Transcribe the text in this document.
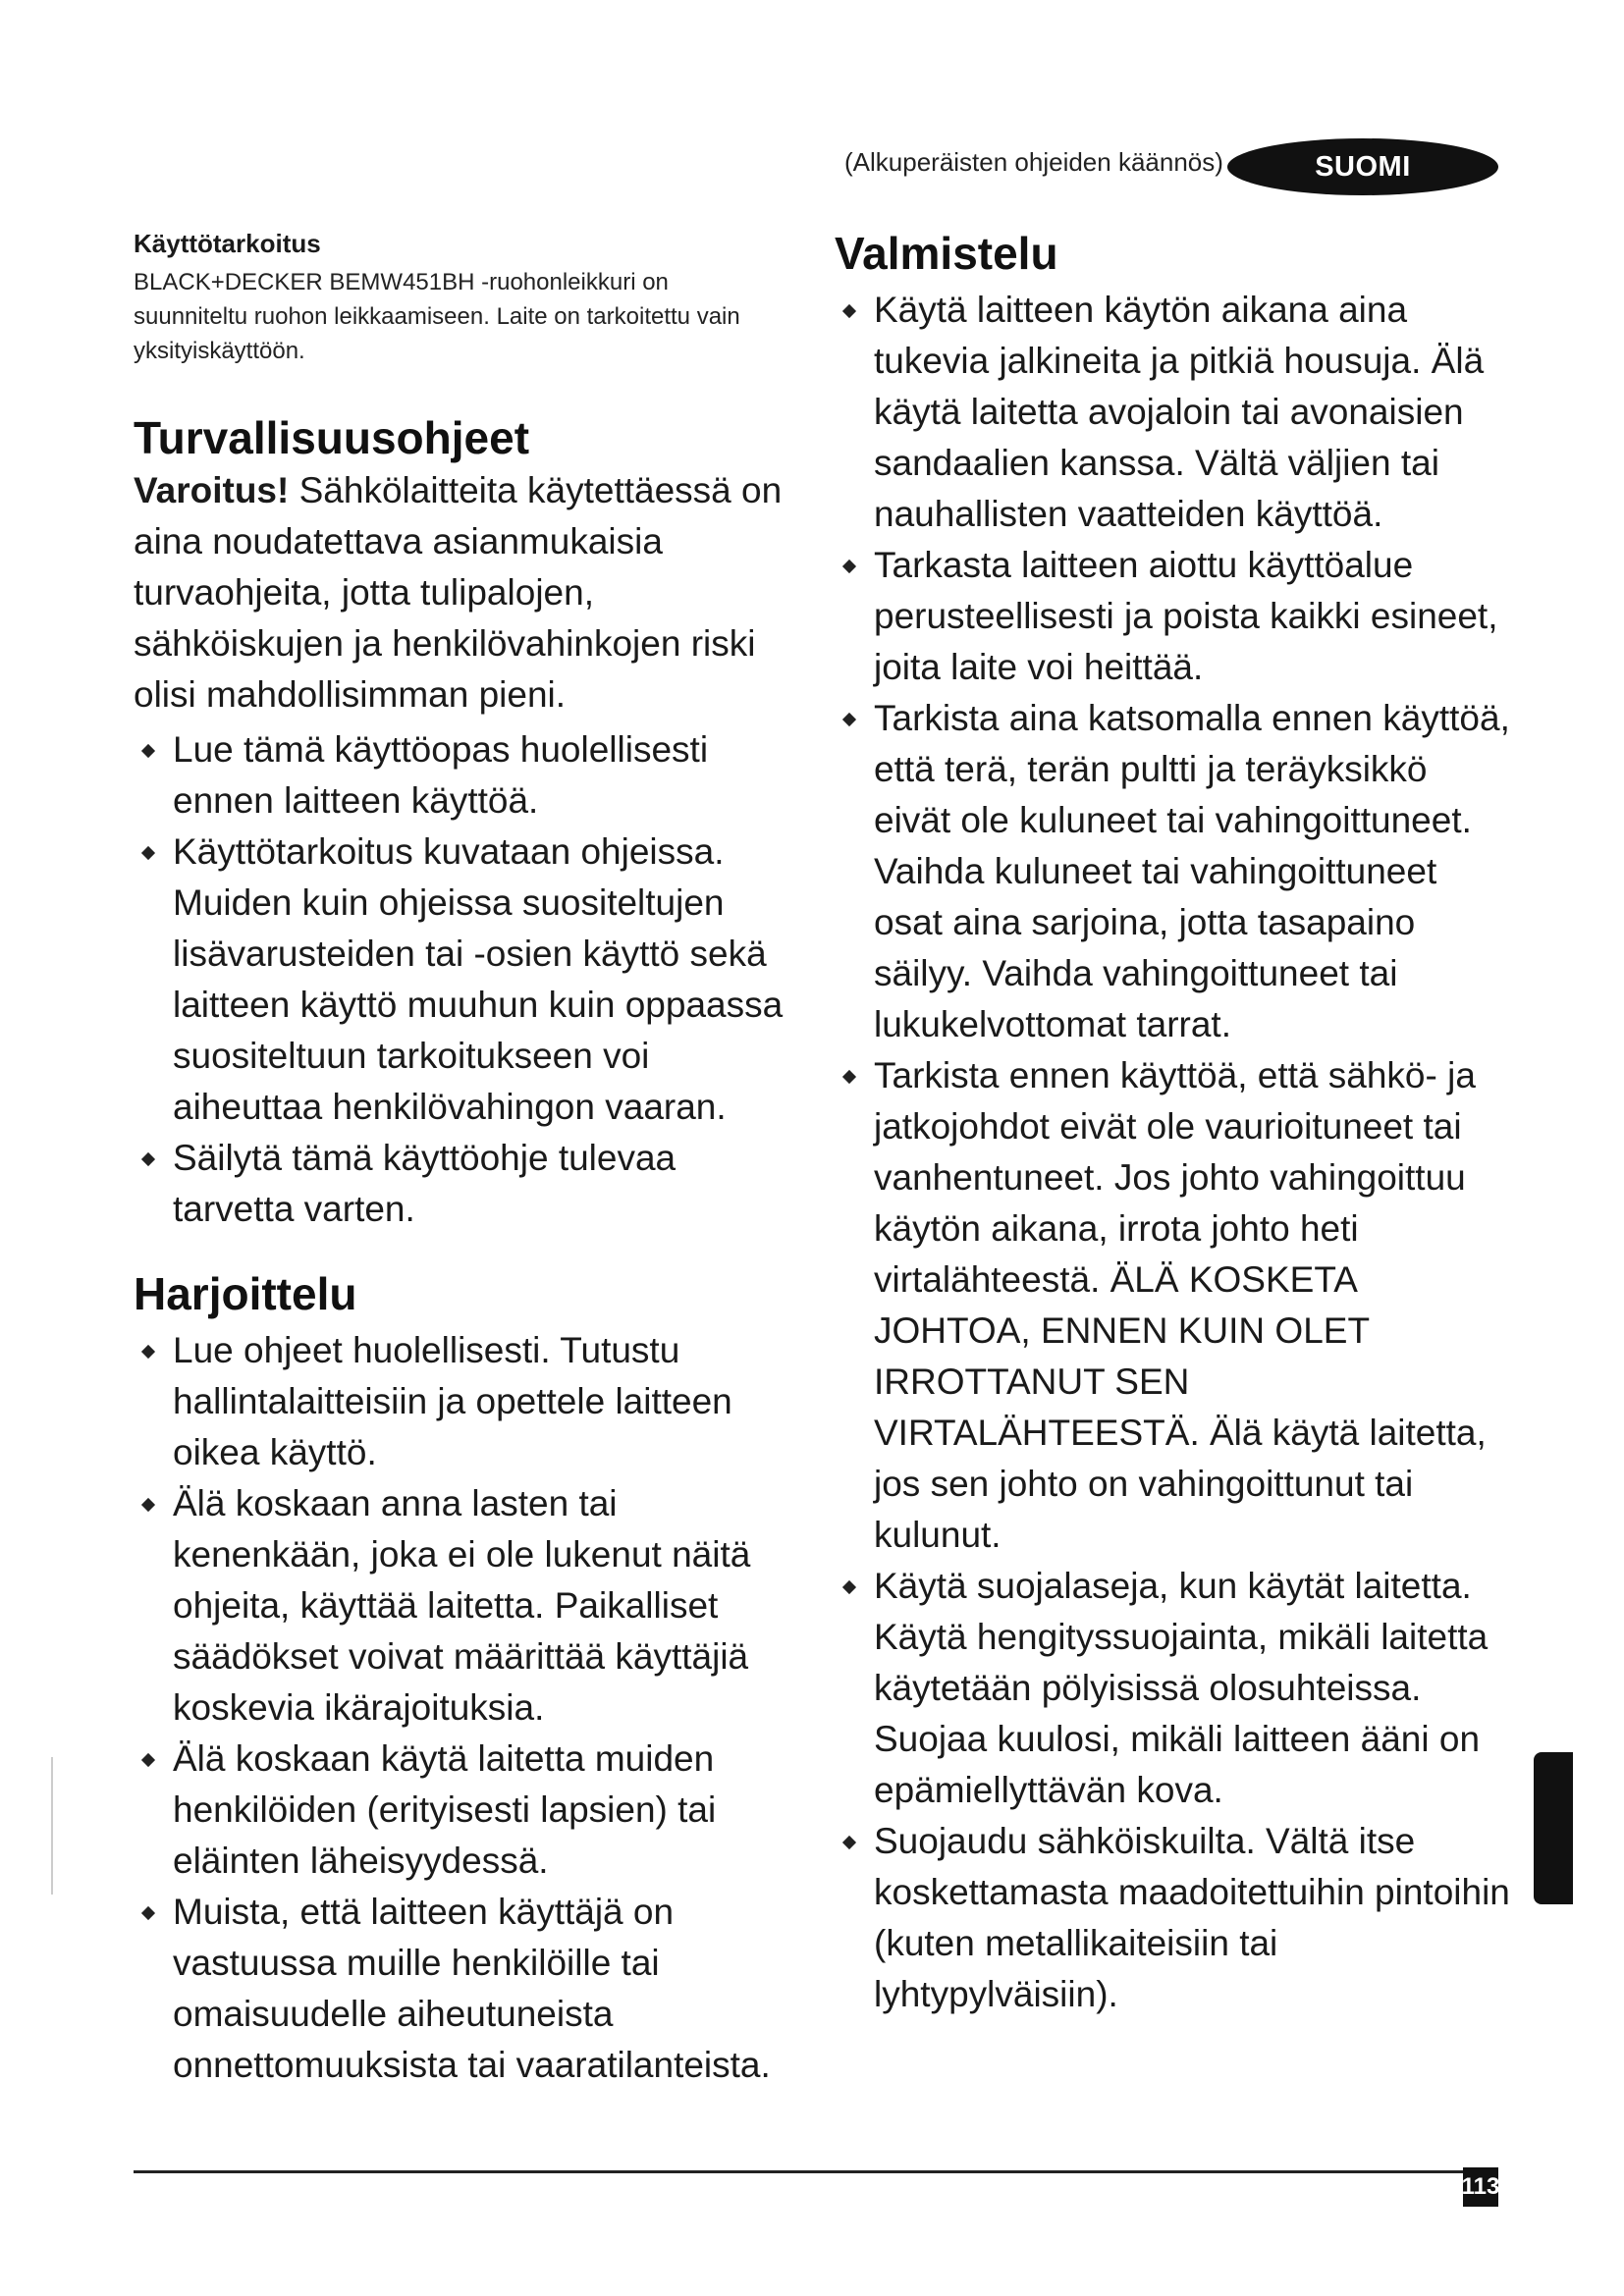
(Alkuperäisten ohjeiden käännös)	SUOMI

Käyttötarkoitus

BLACK+DECKER BEMW451BH -ruohonleikkuri on suunniteltu ruohon leikkaamiseen. Laite on tarkoitettu vain yksityiskäyttöön.

Turvallisuusohjeet

Varoitus! Sähkölaitteita käytettäessä on aina noudatettava asianmukaisia turvaohjeita, jotta tulipalojen, sähköiskujen ja henkilövahinkojen riski olisi mahdollisimman pieni.

Lue tämä käyttöopas huolellisesti ennen laitteen käyttöä.
Käyttötarkoitus kuvataan ohjeissa. Muiden kuin ohjeissa suositeltujen lisävarusteiden tai -osien käyttö sekä laitteen käyttö muuhun kuin oppaassa suositeltuun tarkoitukseen voi aiheuttaa henkilövahingon vaaran.
Säilytä tämä käyttöohje tulevaa tarvetta varten.
Harjoittelu
Lue ohjeet huolellisesti. Tutustu hallintalaitteisiin ja opettele laitteen oikea käyttö.
Älä koskaan anna lasten tai kenenkään, joka ei ole lukenut näitä ohjeita, käyttää laitetta. Paikalliset säädökset voivat määrittää käyttäjiä koskevia ikärajoituksia.
Älä koskaan käytä laitetta muiden henkilöiden (erityisesti lapsien) tai eläinten läheisyydessä.
Muista, että laitteen käyttäjä on vastuussa muille henkilöille tai omaisuudelle aiheutuneista onnettomuuksista tai vaaratilanteista.
Valmistelu
Käytä laitteen käytön aikana aina tukevia jalkineita ja pitkiä housuja. Älä käytä laitetta avojaloin tai avonaisien sandaalien kanssa. Vältä väljien tai nauhallisten vaatteiden käyttöä.
Tarkasta laitteen aiottu käyttöalue perusteellisesti ja poista kaikki esineet, joita laite voi heittää.
Tarkista aina katsomalla ennen käyttöä, että terä, terän pultti ja teräyksikkö eivät ole kuluneet tai vahingoittuneet. Vaihda kuluneet tai vahingoittuneet osat aina sarjoina, jotta tasapaino säilyy. Vaihda vahingoittuneet tai lukukelvottomat tarrat.
Tarkista ennen käyttöä, että sähkö- ja jatkojohdot eivät ole vaurioituneet tai vanhentuneet. Jos johto vahingoittuu käytön aikana, irrota johto heti virtalähteestä. ÄLÄ KOSKETA JOHTOA, ENNEN KUIN OLET IRROTTANUT SEN VIRTALÄHTEESTÄ. Älä käytä laitetta, jos sen johto on vahingoittunut tai kulunut.
Käytä suojalaseja, kun käytät laitetta. Käytä hengityssuojainta, mikäli laitetta käytetään pölyisissä olosuhteissa. Suojaa kuulosi, mikäli laitteen ääni on epämiellyttävän kova.
Suojaudu sähköiskuilta. Vältä itse koskettamasta maadoitettuihin pintoihin (kuten metallikaiteisiin tai lyhtypylväisiin).
113
